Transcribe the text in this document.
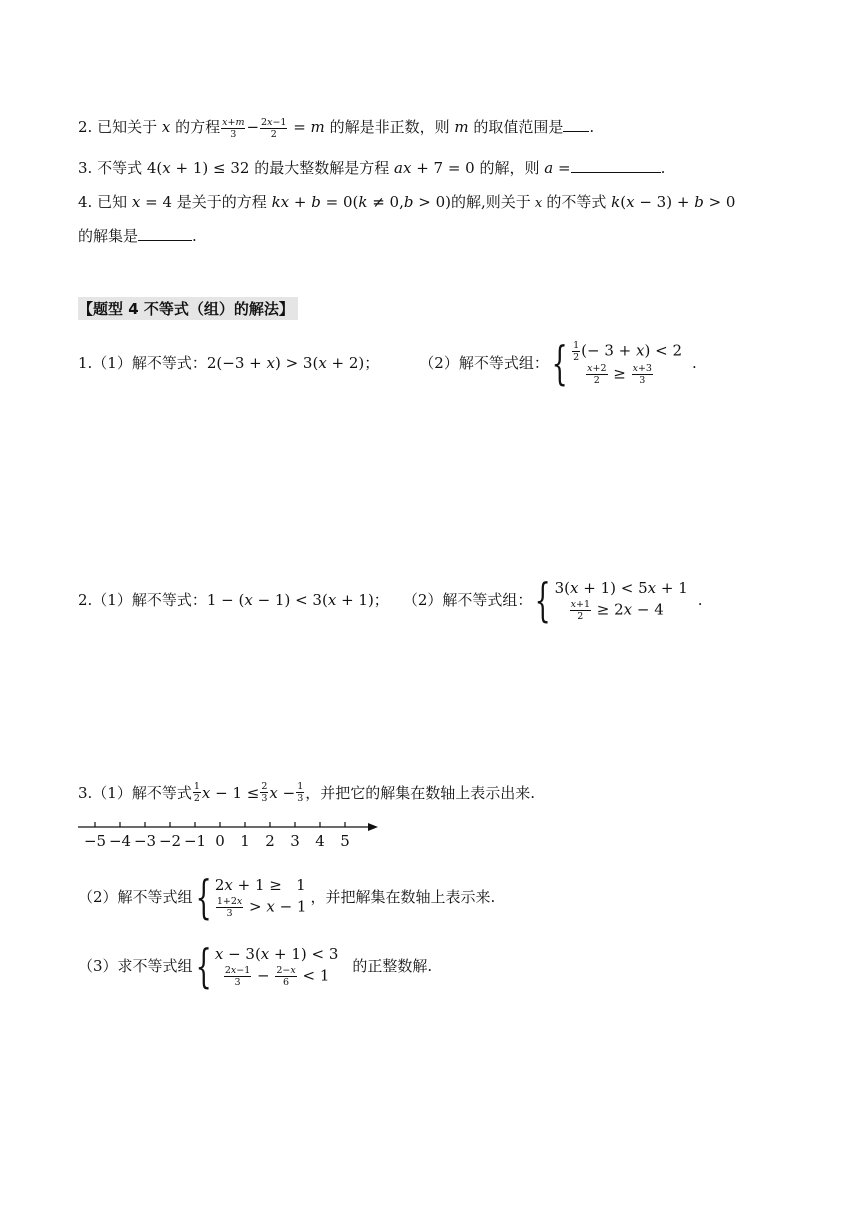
2. 已知关于 x 的方程 $\frac{x+m}{3} - \frac{2x-1}{2} = m$ 的解是非正数，则 m 的取值范围是 .
3. 不等式 4(x + 1) ≤ 32 的最大整数解是方程 ax + 7 = 0 的解，则 a =	.
4. 已知 x = 4 是关于的方程 kx + b = 0(k ≠ 0,b > 0)的解,则关于 x 的不等式 k(x − 3) + b > 0
的解集是	.
【题型 4 不等式（组）的解法】
1.（1）解不等式： 2(−3 + x) > 3(x + 2) ；	（2）解不等式组： { $\frac{1}{2}$ (− 3 + x) < 2
$\frac{x+2}{2} \ge \frac{x+3}{3}$	.
2.（1）解不等式： 1 − (x − 1) < 3(x + 1) ； （2）解不等式组： { 3(x + 1) < 5x + 1
$\frac{x+1}{2} \ge 2x - 4$
.
3.（1）解不等式 $\frac{1}{2}$ $x - 1 \le \frac{2}{3}$ $x - \frac{1}{3}$ ，并把它的解集在数轴上表示出来.
−5 −4 −3 −2 −1 0 1 2 3 4 5
（2）解不等式组 { 2x + 1 ≥   1
$\frac{1+2x}{3} > x - 1$
，并把解集在数轴上表示来.
（3）求不等式组 { x − 3(x + 1) < 3
$\frac{2x-1}{3} - \frac{2-x}{6} < 1$
的正整数解.
